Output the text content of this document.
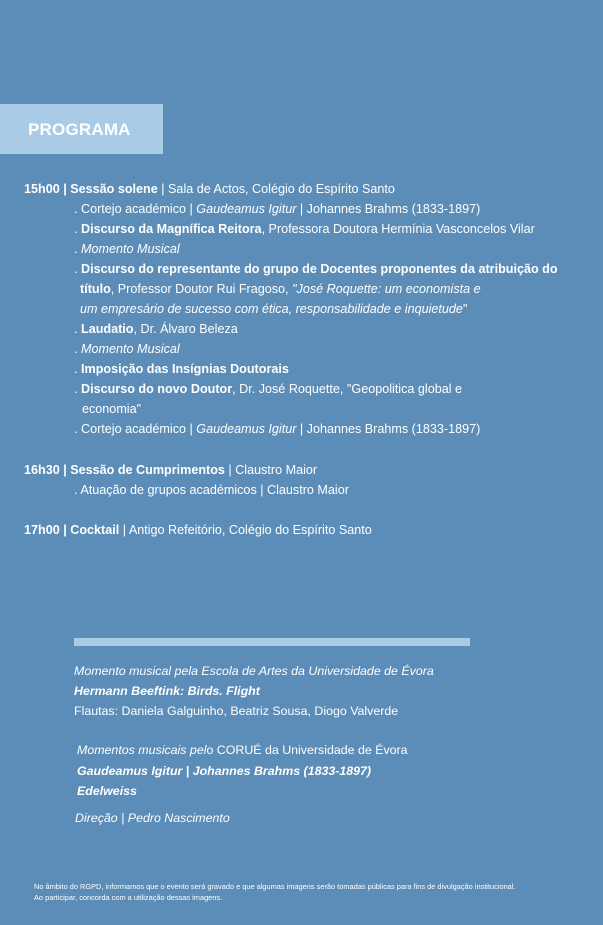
PROGRAMA
15h00 | Sessão solene | Sala de Actos, Colégio do Espírito Santo
. Cortejo académico | Gaudeamus Igitur | Johannes Brahms (1833-1897)
. Discurso da Magnífica Reitora, Professora Doutora Hermínia Vasconcelos Vilar
. Momento Musical
. Discurso do representante do grupo de Docentes proponentes da atribuição do
título, Professor Doutor Rui Fragoso, "José Roquette: um economista e
um empresário de sucesso com ética, responsabilidade e inquietude"
. Laudatio, Dr. Álvaro Beleza
. Momento Musical
. Imposição das Insígnias Doutorais
. Discurso do novo Doutor, Dr. José Roquette, "Geopolitica global e
economia"
. Cortejo académico | Gaudeamus Igitur | Johannes Brahms (1833-1897)
16h30 | Sessão de Cumprimentos | Claustro Maior
. Atuação de grupos académicos | Claustro Maior
17h00 | Cocktail | Antigo Refeitório, Colégio do Espírito Santo
Momento musical pela Escola de Artes da Universidade de Évora
Hermann Beeftink: Birds. Flight
Flautas: Daniela Galguinho, Beatriz Sousa, Diogo Valverde
Momentos musicais pelo CORUÉ da Universidade de Évora
Gaudeamus Igitur | Johannes Brahms (1833-1897)
Edelweiss
Direção | Pedro Nascimento
No âmbito do RGPD, informamos que o evento será gravado e que algumas imagens serão tomadas públicas para fins de divulgação institucional.
Ao participar, concorda com a utilização dessas imagens.
